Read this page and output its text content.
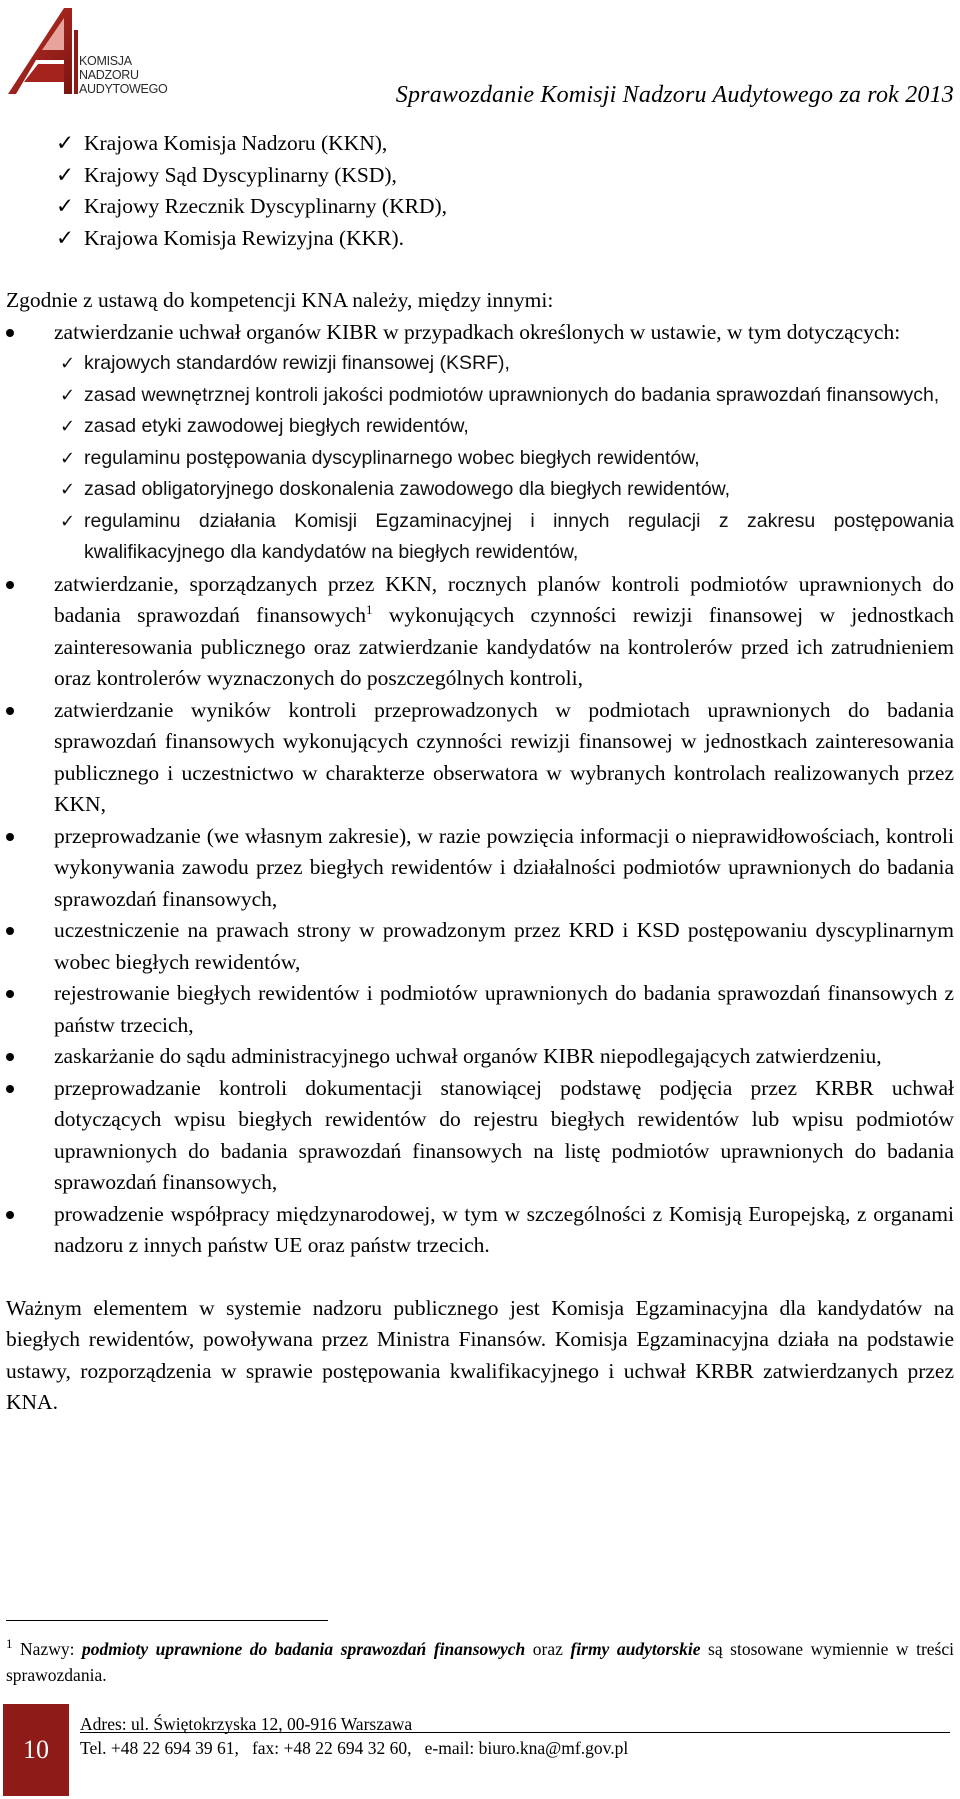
KOMISJA
NADZORU
AUDYTOWEGO	Sprawozdanie Komisji Nadzoru Audytowego za rok 2013
✓ Krajowa Komisja Nadzoru (KKN),
✓ Krajowy Sąd Dyscyplinarny (KSD),
✓ Krajowy Rzecznik Dyscyplinarny (KRD),
✓ Krajowa Komisja Rewizyjna (KKR).
Zgodnie z ustawą do kompetencji KNA należy, między innymi:
zatwierdzanie uchwał organów KIBR w przypadkach określonych w ustawie, w tym dotyczących:
✓ krajowych standardów rewizji finansowej (KSRF),
✓ zasad wewnętrznej kontroli jakości podmiotów uprawnionych do badania sprawozdań finansowych,
✓ zasad etyki zawodowej biegłych rewidentów,
✓ regulaminu postępowania dyscyplinarnego wobec biegłych rewidentów,
✓ zasad obligatoryjnego doskonalenia zawodowego dla biegłych rewidentów,
✓ regulaminu działania Komisji Egzaminacyjnej i innych regulacji z zakresu postępowania kwalifikacyjnego dla kandydatów na biegłych rewidentów,
zatwierdzanie, sporządzanych przez KKN, rocznych planów kontroli podmiotów uprawnionych do badania sprawozdań finansowych$^1$ wykonujących czynności rewizji finansowej w jednostkach zainteresowania publicznego oraz zatwierdzanie kandydatów na kontrolerów przed ich zatrudnieniem oraz kontrolerów wyznaczonych do poszczególnych kontroli,
zatwierdzanie wyników kontroli przeprowadzonych w podmiotach uprawnionych do badania sprawozdań finansowych wykonujących czynności rewizji finansowej w jednostkach zainteresowania publicznego i uczestnictwo w charakterze obserwatora w wybranych kontrolach realizowanych przez KKN,
przeprowadzanie (we własnym zakresie), w razie powzięcia informacji o nieprawidłowościach, kontroli wykonywania zawodu przez biegłych rewidentów i działalności podmiotów uprawnionych do badania sprawozdań finansowych,
uczestniczenie na prawach strony w prowadzonym przez KRD i KSD postępowaniu dyscyplinarnym wobec biegłych rewidentów,
rejestrowanie biegłych rewidentów i podmiotów uprawnionych do badania sprawozdań finansowych z państw trzecich,
zaskarżanie do sądu administracyjnego uchwał organów KIBR niepodlegających zatwierdzeniu,
przeprowadzanie kontroli dokumentacji stanowiącej podstawę podjęcia przez KRBR uchwał dotyczących wpisu biegłych rewidentów do rejestru biegłych rewidentów lub wpisu podmiotów uprawnionych do badania sprawozdań finansowych na listę podmiotów uprawnionych do badania sprawozdań finansowych,
prowadzenie współpracy międzynarodowej, w tym w szczególności z Komisją Europejską, z organami nadzoru z innych państw UE oraz państw trzecich.
Ważnym elementem w systemie nadzoru publicznego jest Komisja Egzaminacyjna dla kandydatów na biegłych rewidentów, powoływana przez Ministra Finansów. Komisja Egzaminacyjna działa na podstawie ustawy, rozporządzenia w sprawie postępowania kwalifikacyjnego i uchwał KRBR zatwierdzanych przez KNA.
$^1$ Nazwy: podmioty uprawnione do badania sprawozdań finansowych oraz firmy audytorskie są stosowane wymiennie w treści sprawozdania.
10
Adres: ul. Świętokrzyska 12, 00-916 Warszawa
Tel. +48 22 694 39 61,   fax: +48 22 694 32 60,   e-mail: biuro.kna@mf.gov.pl
